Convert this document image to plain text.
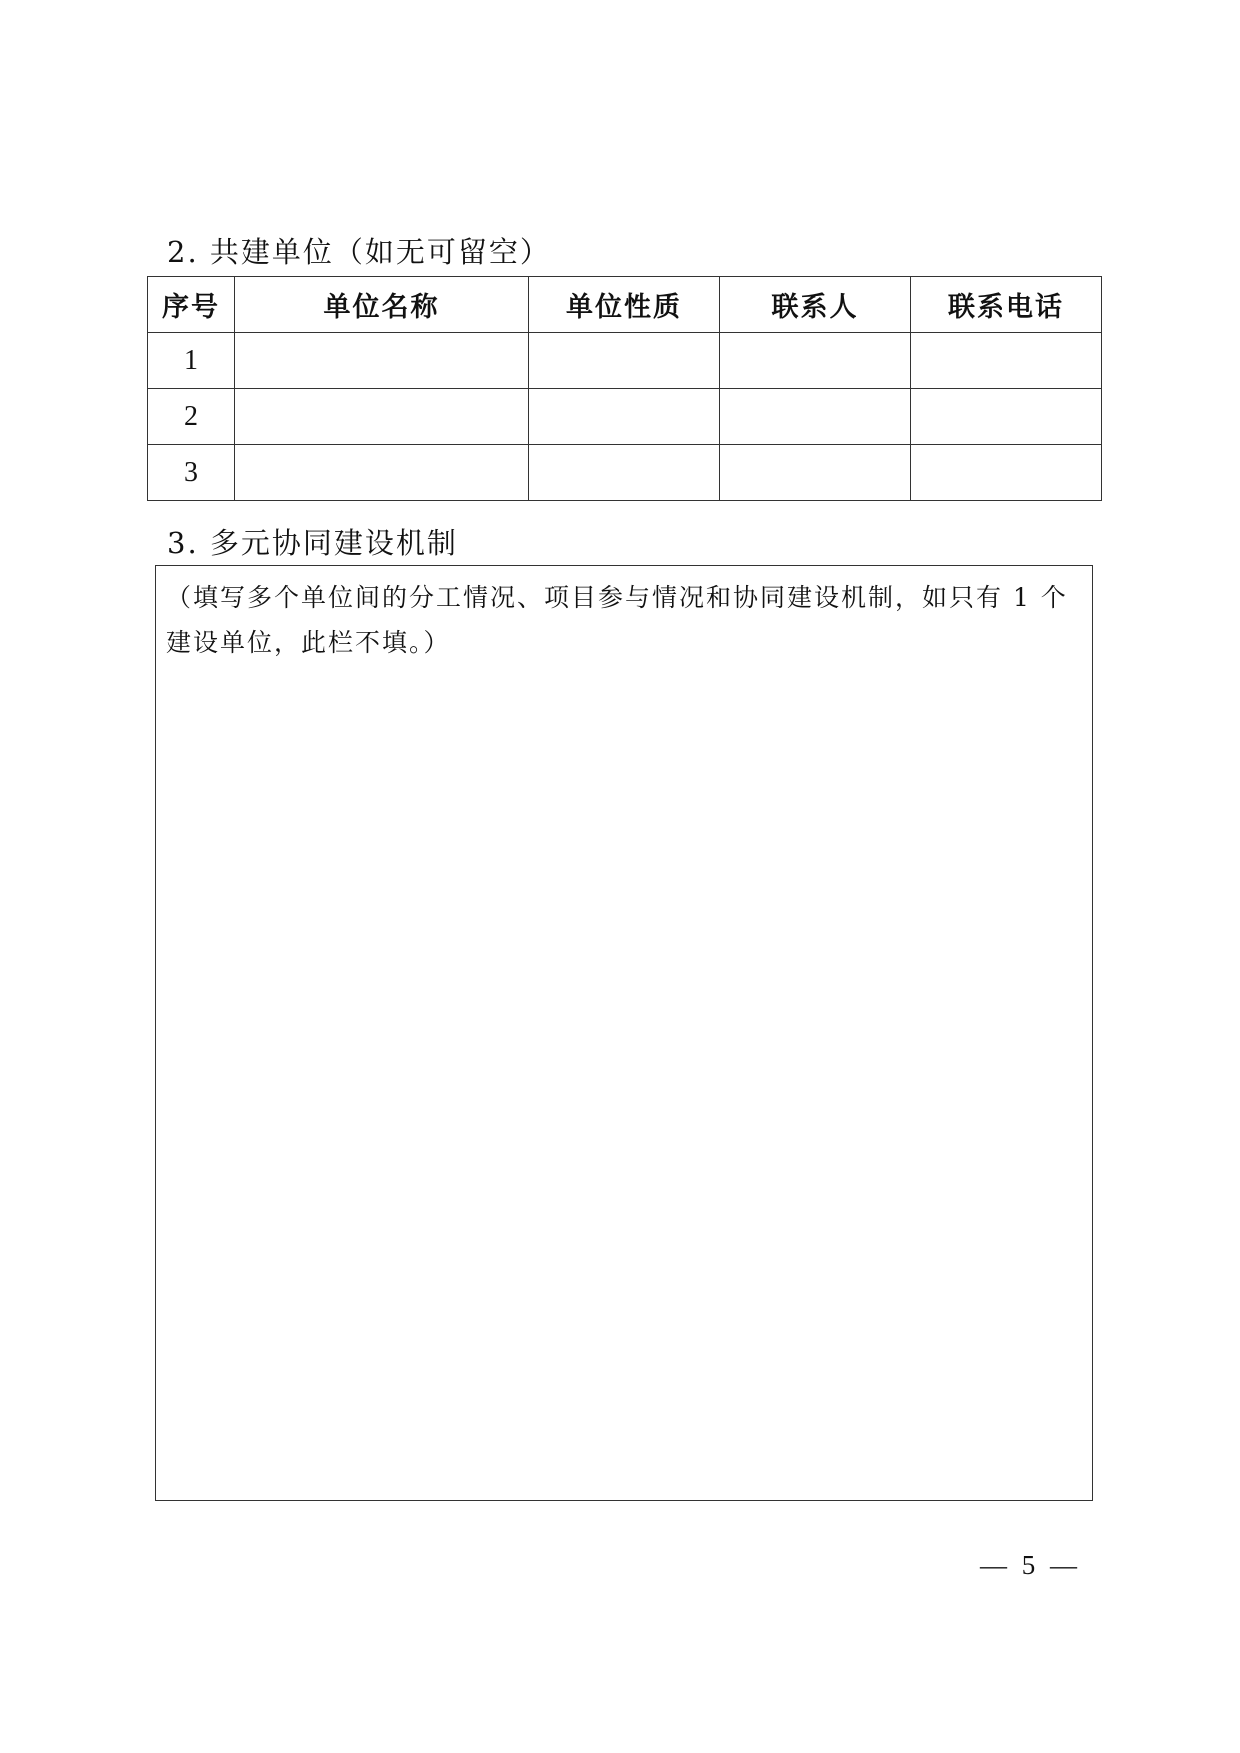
2. 共建单位（如无可留空）
序号	单位名称	单位性质	联系人	联系电话
1				
2				
3				
3. 多元协同建设机制
（填写多个单位间的分工情况、项目参与情况和协同建设机制，如只有 1 个建设单位，此栏不填。）
— 5 —
